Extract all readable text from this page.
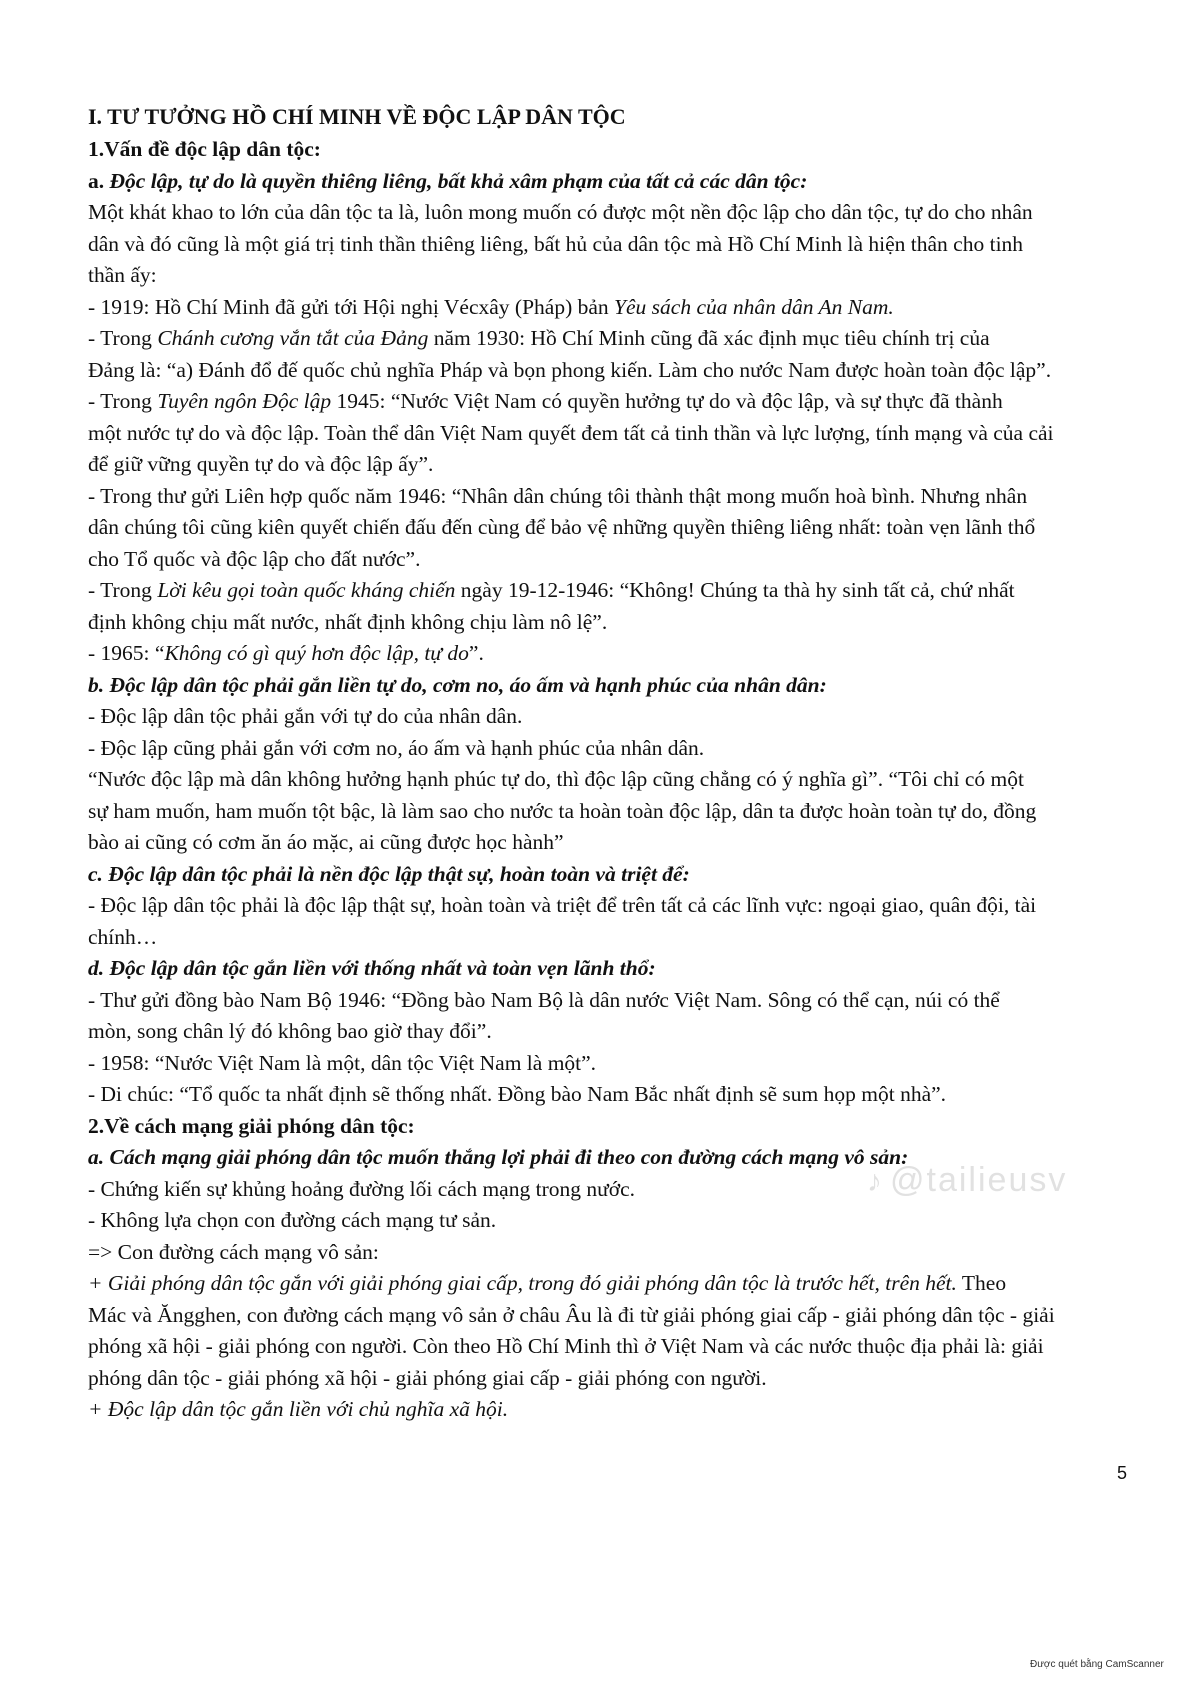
I. TƯ TƯỞNG HỒ CHÍ MINH VỀ ĐỘC LẬP DÂN TỘC

1.Vấn đề độc lập dân tộc:

a. Độc lập, tự do là quyền thiêng liêng, bất khả xâm phạm của tất cả các dân tộc:

Một khát khao to lớn của dân tộc ta là, luôn mong muốn có được một nền độc lập cho dân tộc, tự do cho nhân

dân và đó cũng là một giá trị tinh thần thiêng liêng, bất hủ của dân tộc mà Hồ Chí Minh là hiện thân cho tinh

thần ấy:

- 1919: Hồ Chí Minh đã gửi tới Hội nghị Vécxây (Pháp) bản Yêu sách của nhân dân An Nam.

- Trong Chánh cương vắn tắt của Đảng năm 1930: Hồ Chí Minh cũng đã xác định mục tiêu chính trị của

Đảng là: “a) Đánh đổ đế quốc chủ nghĩa Pháp và bọn phong kiến. Làm cho nước Nam được hoàn toàn độc lập”.

- Trong Tuyên ngôn Độc lập 1945: “Nước Việt Nam có quyền hưởng tự do và độc lập, và sự thực đã thành

một nước tự do và độc lập. Toàn thể dân Việt Nam quyết đem tất cả tinh thần và lực lượng, tính mạng và của cải

để giữ vững quyền tự do và độc lập ấy”.

- Trong thư gửi Liên hợp quốc năm 1946: “Nhân dân chúng tôi thành thật mong muốn hoà bình. Nhưng nhân

dân chúng tôi cũng kiên quyết chiến đấu đến cùng để bảo vệ những quyền thiêng liêng nhất: toàn vẹn lãnh thổ

cho Tổ quốc và độc lập cho đất nước”.

- Trong Lời kêu gọi toàn quốc kháng chiến ngày 19-12-1946: “Không! Chúng ta thà hy sinh tất cả, chứ nhất

định không chịu mất nước, nhất định không chịu làm nô lệ”.

- 1965: “Không có gì quý hơn độc lập, tự do”.

b. Độc lập dân tộc phải gắn liền tự do, cơm no, áo ấm và hạnh phúc của nhân dân:

- Độc lập dân tộc phải gắn với tự do của nhân dân.

- Độc lập cũng phải gắn với cơm no, áo ấm và hạnh phúc của nhân dân.

“Nước độc lập mà dân không hưởng hạnh phúc tự do, thì độc lập cũng chẳng có ý nghĩa gì”. “Tôi chỉ có một

sự ham muốn, ham muốn tột bậc, là làm sao cho nước ta hoàn toàn độc lập, dân ta được hoàn toàn tự do, đồng

bào ai cũng có cơm ăn áo mặc, ai cũng được học hành”

c. Độc lập dân tộc phải là nền độc lập thật sự, hoàn toàn và triệt để:

- Độc lập dân tộc phải là độc lập thật sự, hoàn toàn và triệt để trên tất cả các lĩnh vực: ngoại giao, quân đội, tài

chính…

d. Độc lập dân tộc gắn liền với thống nhất và toàn vẹn lãnh thổ:

- Thư gửi đồng bào Nam Bộ 1946: “Đồng bào Nam Bộ là dân nước Việt Nam. Sông có thể cạn, núi có thể

mòn, song chân lý đó không bao giờ thay đổi”.

- 1958: “Nước Việt Nam là một, dân tộc Việt Nam là một”.

- Di chúc: “Tổ quốc ta nhất định sẽ thống nhất. Đồng bào Nam Bắc nhất định sẽ sum họp một nhà”.

2.Về cách mạng giải phóng dân tộc:

a. Cách mạng giải phóng dân tộc muốn thắng lợi phải đi theo con đường cách mạng vô sản:

- Chứng kiến sự khủng hoảng đường lối cách mạng trong nước.

- Không lựa chọn con đường cách mạng tư sản.

=> Con đường cách mạng vô sản:

+ Giải phóng dân tộc gắn với giải phóng giai cấp, trong đó giải phóng dân tộc là trước hết, trên hết. Theo

Mác và Ăngghen, con đường cách mạng vô sản ở châu Âu là đi từ giải phóng giai cấp - giải phóng dân tộc - giải

phóng xã hội - giải phóng con người. Còn theo Hồ Chí Minh thì ở Việt Nam và các nước thuộc địa phải là: giải

phóng dân tộc - giải phóng xã hội - giải phóng giai cấp - giải phóng con người.

+ Độc lập dân tộc gắn liền với chủ nghĩa xã hội.

♪ @tailieusv
5
Được quét bằng CamScanner
